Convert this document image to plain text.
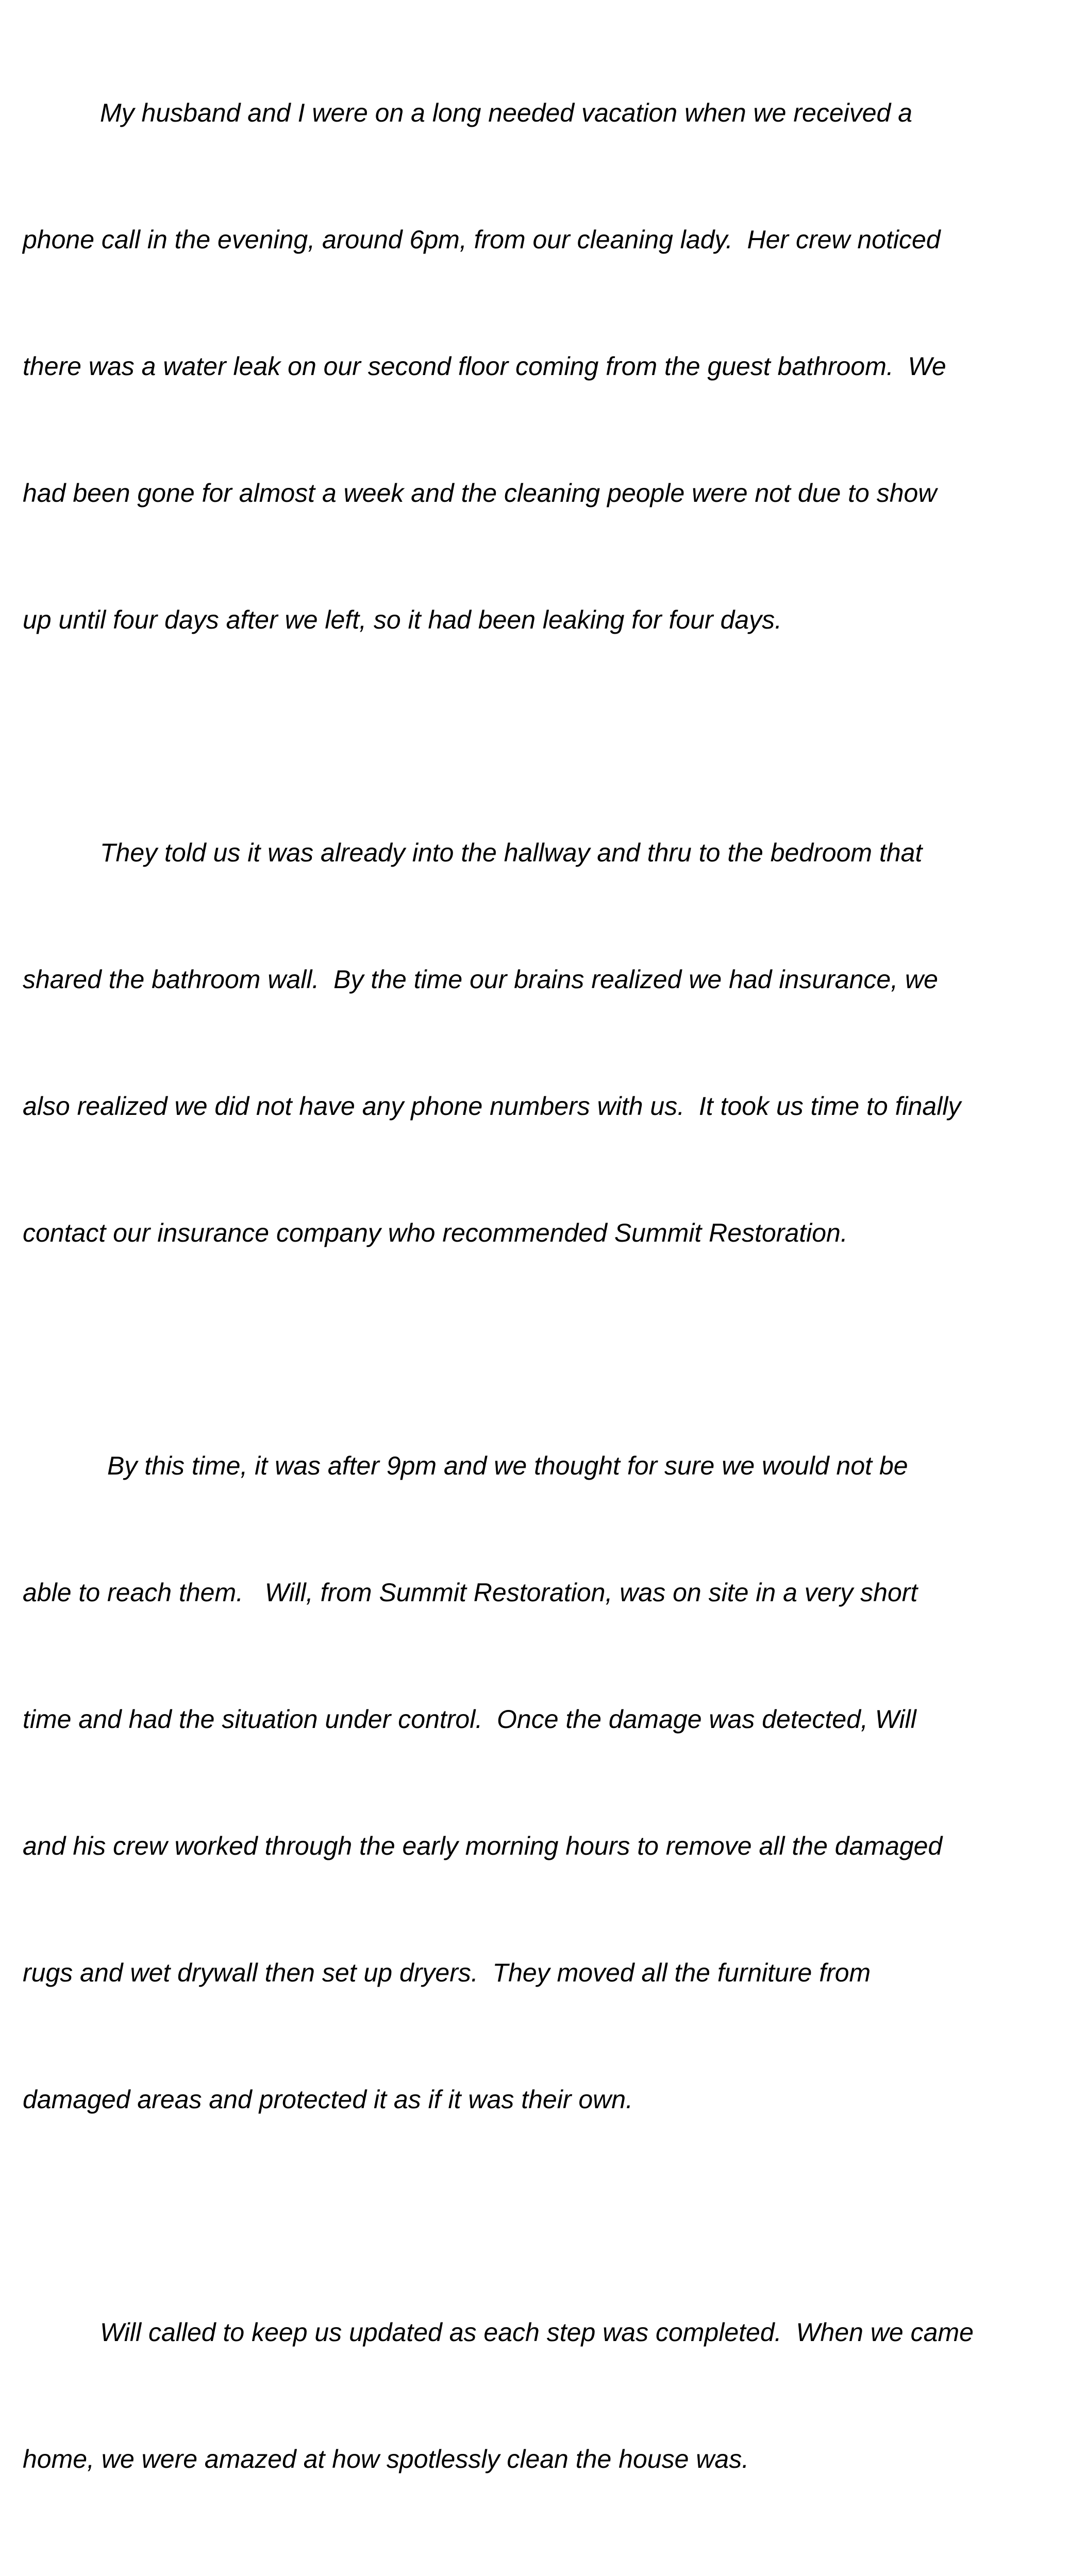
My husband and I were on a long needed vacation when we received a

phone call in the evening, around 6pm, from our cleaning lady.  Her crew noticed

there was a water leak on our second floor coming from the guest bathroom.  We

had been gone for almost a week and the cleaning people were not due to show

up until four days after we left, so it had been leaking for four days.

They told us it was already into the hallway and thru to the bedroom that

shared the bathroom wall.  By the time our brains realized we had insurance, we

also realized we did not have any phone numbers with us.  It took us time to finally

contact our insurance company who recommended Summit Restoration.

By this time, it was after 9pm and we thought for sure we would not be

able to reach them.   Will, from Summit Restoration, was on site in a very short

time and had the situation under control.  Once the damage was detected, Will

and his crew worked through the early morning hours to remove all the damaged

rugs and wet drywall then set up dryers.  They moved all the furniture from

damaged areas and protected it as if it was their own.

Will called to keep us updated as each step was completed.  When we came

home, we were amazed at how spotlessly clean the house was.
